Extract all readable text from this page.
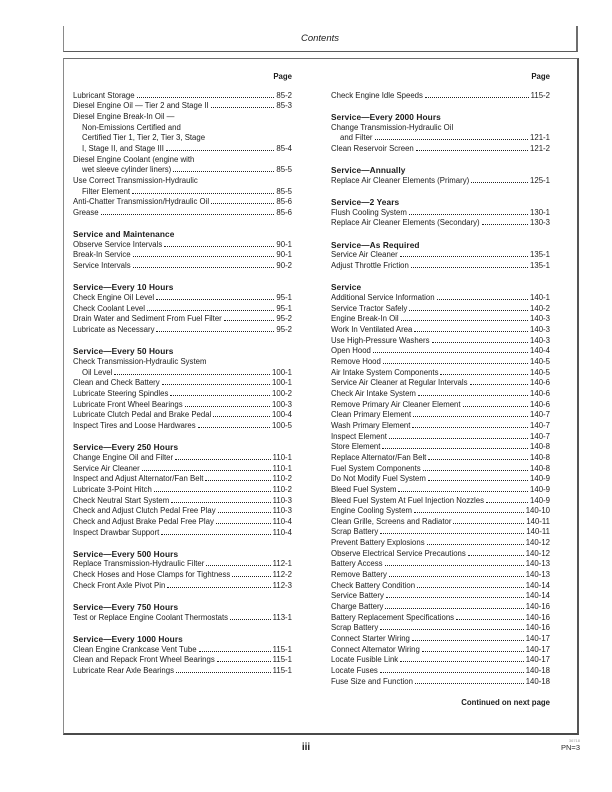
Contents
Page
Lubricant Storage	85-2
Diesel Engine Oil — Tier 2 and Stage II	85-3
Diesel Engine Break-In Oil —
Non-Emissions Certified and
Certified Tier 1, Tier 2, Tier 3, Stage
I, Stage II, and Stage III	85-4
Diesel Engine Coolant (engine with
wet sleeve cylinder liners)	85-5
Use Correct Transmission-Hydraulic
Filter Element	85-5
Anti-Chatter Transmission/Hydraulic Oil	85-6
Grease	85-6
Service and Maintenance
Observe Service Intervals	90-1
Break-In Service	90-1
Service Intervals	90-2
Service—Every 10 Hours
Check Engine Oil Level	95-1
Check Coolant Level	95-1
Drain Water and Sediment From Fuel Filter	95-2
Lubricate as Necessary	95-2
Service—Every 50 Hours
Check Transmission-Hydraulic System
Oil Level	100-1
Clean and Check Battery	100-1
Lubricate Steering Spindles	100-2
Lubricate Front Wheel Bearings	100-3
Lubricate Clutch Pedal and Brake Pedal	100-4
Inspect Tires and Loose Hardwares	100-5
Service—Every 250 Hours
Change Engine Oil and Filter	110-1
Service Air Cleaner	110-1
Inspect and Adjust Alternator/Fan Belt	110-2
Lubricate 3-Point Hitch	110-2
Check Neutral Start System	110-3
Check and Adjust Clutch Pedal Free Play	110-3
Check and Adjust Brake Pedal Free Play	110-4
Inspect Drawbar Support	110-4
Service—Every 500 Hours
Replace Transmission-Hydraulic Filter	112-1
Check Hoses and Hose Clamps for Tightness	112-2
Check Front Axle Pivot Pin	112-3
Service—Every 750 Hours
Test or Replace Engine Coolant Thermostats	113-1
Service—Every 1000 Hours
Clean Engine Crankcase Vent Tube	115-1
Clean and Repack Front Wheel Bearings	115-1
Lubricate Rear Axle Bearings	115-1
Page
Check Engine Idle Speeds	115-2
Service—Every 2000 Hours
Change Transmission-Hydraulic Oil
and Filter	121-1
Clean Reservoir Screen	121-2
Service—Annually
Replace Air Cleaner Elements (Primary)	125-1
Service—2 Years
Flush Cooling System	130-1
Replace Air Cleaner Elements (Secondary)	130-3
Service—As Required
Service Air Cleaner	135-1
Adjust Throttle Friction	135-1
Service
Additional Service Information	140-1
Service Tractor Safely	140-2
Engine Break-In Oil	140-3
Work In Ventilated Area	140-3
Use High-Pressure Washers	140-3
Open Hood	140-4
Remove Hood	140-5
Air Intake System Components	140-5
Service Air Cleaner at Regular Intervals	140-6
Check Air Intake System	140-6
Remove Primary Air Cleaner Element	140-6
Clean Primary Element	140-7
Wash Primary Element	140-7
Inspect Element	140-7
Store Element	140-8
Replace Alternator/Fan Belt	140-8
Fuel System Components	140-8
Do Not Modify Fuel System	140-9
Bleed Fuel System	140-9
Bleed Fuel System At Fuel Injection Nozzles	140-9
Engine Cooling System	140-10
Clean Grille, Screens and Radiator	140-11
Scrap Battery	140-11
Prevent Battery Explosions	140-12
Observe Electrical Service Precautions	140-12
Battery Access	140-13
Remove Battery	140-13
Check Battery Condition	140-14
Service Battery	140-14
Charge Battery	140-16
Battery Replacement Specifications	140-16
Scrap Battery	140-16
Connect Starter Wiring	140-17
Connect Alternator Wiring	140-17
Locate Fusible Link	140-17
Locate Fuses	140-18
Fuse Size and Function	140-18
Continued on next page
iii
36718
PN=3
